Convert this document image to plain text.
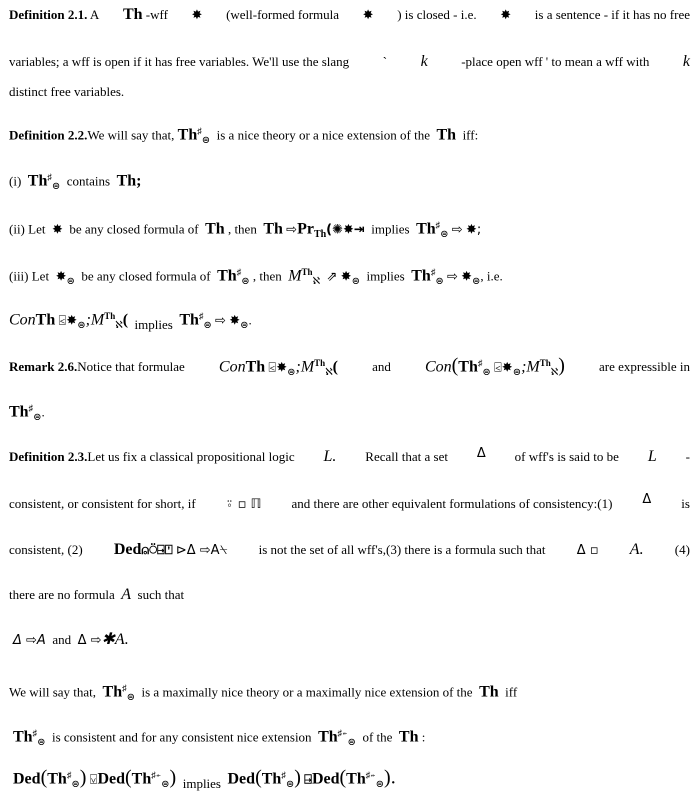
Definition 2.1. A Th -wff ✸ (well-formed formula ✸ ) is closed - i.e. ✸ is a sentence - if it has no free
variables; a wff is open if it has free variables. We'll use the slang	` k	-place open wff ' to mean a wff with k
distinct free variables.
Definition 2.2.We will say that, $Th^♯_⊜$ is a nice theory or a nice extension of the Th iff:
(i) $Th^♯_⊜$ contains Th;
(ii) Let ✸ be any closed formula of Th , then Th $⇨Pr_{Th}(✺✸⇥$ implies $Th^♯_⊜$ ⇨ ✸;
(iii) Let $✸_⊜$ be any closed formula of $Th^♯_⊜$ , then $MTh_ℵ$ ⇗ $✸_⊜$ implies $Th^♯_⊜$ ⇨ $✸_⊜$, i.e.
ConTh $⍃✸_⊜;MTh_ℵ$( implies $Th^♯_⊜$ ⇨ $✸_⊜$.
Remark 2.6.Notice that formulae ConTh $⍃✸_⊜;MTh_ℵ$(	and $Con(Th^♯_⊜$ $⍃✸_⊜;MTh_ℵ$)	are expressible in
$Th^♯_⊜$.
Definition 2.3.Let us fix a classical propositional logic L. Recall that a set Δ of wff's is said to be L -
consistent, or consistent for short, if ⍤ ▫ ℿ and there are other equivalent formulations of consistency:(1) Δ is
consistent, (2) Ded⍝⍥⍈⍞ ⊳Δ ⇨A⍀ is not the set of all wff's,(3) there is a formula such that Δ ▫ A. (4)
there are no formula A such that
Δ ⇨A and Δ ⇨✱A.
We will say that, $Th^♯_⊜$ is a maximally nice theory or a maximally nice extension of the Th iff
$Th^♯_⊜$ is consistent and for any consistent nice extension $Th^{♯⍅}_⊜$ of the Th :
$Ded(Th^♯_⊜)$ $⍌Ded(Th^{♯⍅}_⊜)$ implies $Ded(Th^♯_⊜)$ $⍈Ded(Th^{♯⍅}_⊜)$.
